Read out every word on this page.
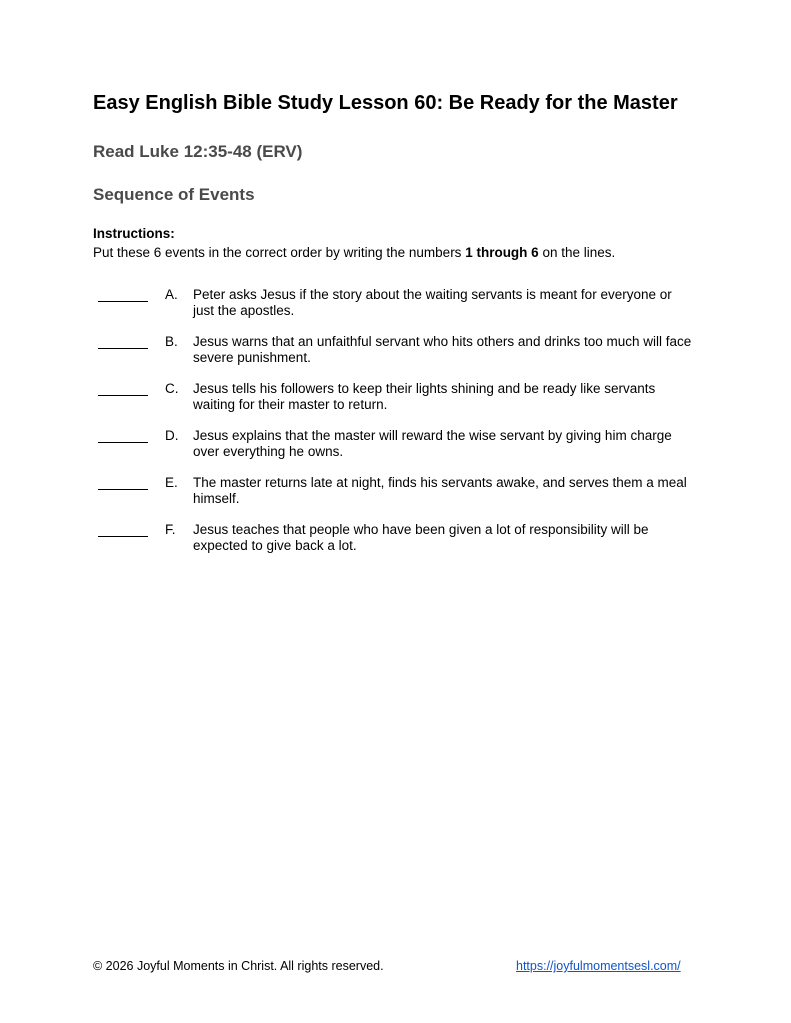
Easy English Bible Study Lesson 60: Be Ready for the Master
Read Luke 12:35-48 (ERV)
Sequence of Events
Instructions:
Put these 6 events in the correct order by writing the numbers 1 through 6 on the lines.
A. Peter asks Jesus if the story about the waiting servants is meant for everyone or just the apostles.
B. Jesus warns that an unfaithful servant who hits others and drinks too much will face severe punishment.
C. Jesus tells his followers to keep their lights shining and be ready like servants waiting for their master to return.
D. Jesus explains that the master will reward the wise servant by giving him charge over everything he owns.
E. The master returns late at night, finds his servants awake, and serves them a meal himself.
F. Jesus teaches that people who have been given a lot of responsibility will be expected to give back a lot.
© 2026 Joyful Moments in Christ. All rights reserved.	https://joyfulmomentsesl.com/
